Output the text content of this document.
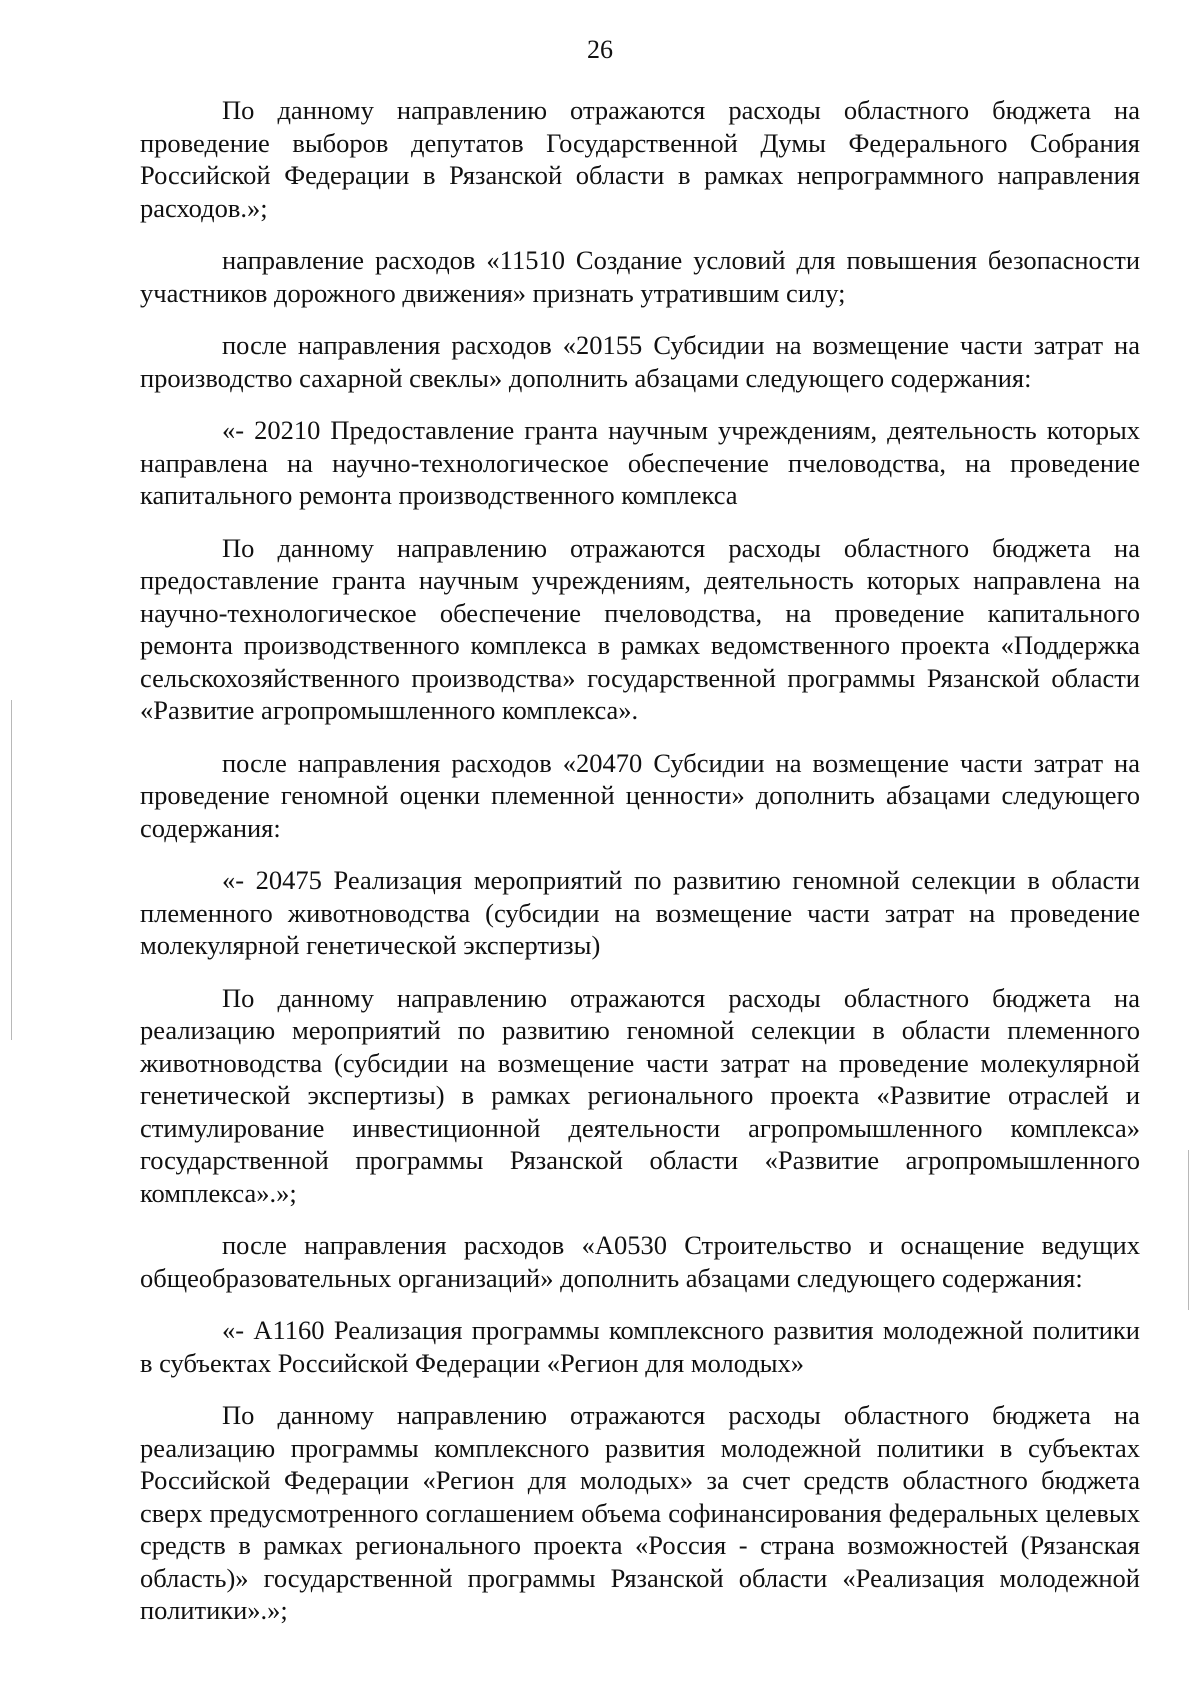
26

По данному направлению отражаются расходы областного бюджета на проведение выборов депутатов Государственной Думы Федерального Собрания Российской Федерации в Рязанской области в рамках непрограммного направления расходов.»;

направление расходов «11510 Создание условий для повышения безопасности участников дорожного движения» признать утратившим силу;

после направления расходов «20155 Субсидии на возмещение части затрат на производство сахарной свеклы» дополнить абзацами следующего содержания:

«- 20210 Предоставление гранта научным учреждениям, деятельность которых направлена на научно-технологическое обеспечение пчеловодства, на проведение капитального ремонта производственного комплекса

По данному направлению отражаются расходы областного бюджета на предоставление гранта научным учреждениям, деятельность которых направлена на научно-технологическое обеспечение пчеловодства, на проведение капитального ремонта производственного комплекса в рамках ведомственного проекта «Поддержка сельскохозяйственного производства» государственной программы Рязанской области «Развитие агропромышленного комплекса».

после направления расходов «20470 Субсидии на возмещение части затрат на проведение геномной оценки племенной ценности» дополнить абзацами следующего содержания:

«- 20475 Реализация мероприятий по развитию геномной селекции в области племенного животноводства (субсидии на возмещение части затрат на проведение молекулярной генетической экспертизы)

По данному направлению отражаются расходы областного бюджета на реализацию мероприятий по развитию геномной селекции в области племенного животноводства (субсидии на возмещение части затрат на проведение молекулярной генетической экспертизы) в рамках регионального проекта «Развитие отраслей и стимулирование инвестиционной деятельности агропромышленного комплекса» государственной программы Рязанской области «Развитие агропромышленного комплекса».»;

после направления расходов «А0530 Строительство и оснащение ведущих общеобразовательных организаций» дополнить абзацами следующего содержания:

«- А1160 Реализация программы комплексного развития молодежной политики в субъектах Российской Федерации «Регион для молодых»

По данному направлению отражаются расходы областного бюджета на реализацию программы комплексного развития молодежной политики в субъектах Российской Федерации «Регион для молодых» за счет средств областного бюджета сверх предусмотренного соглашением объема софинансирования федеральных целевых средств в рамках регионального проекта «Россия - страна возможностей (Рязанская область)» государственной программы Рязанской области «Реализация молодежной политики».»;
